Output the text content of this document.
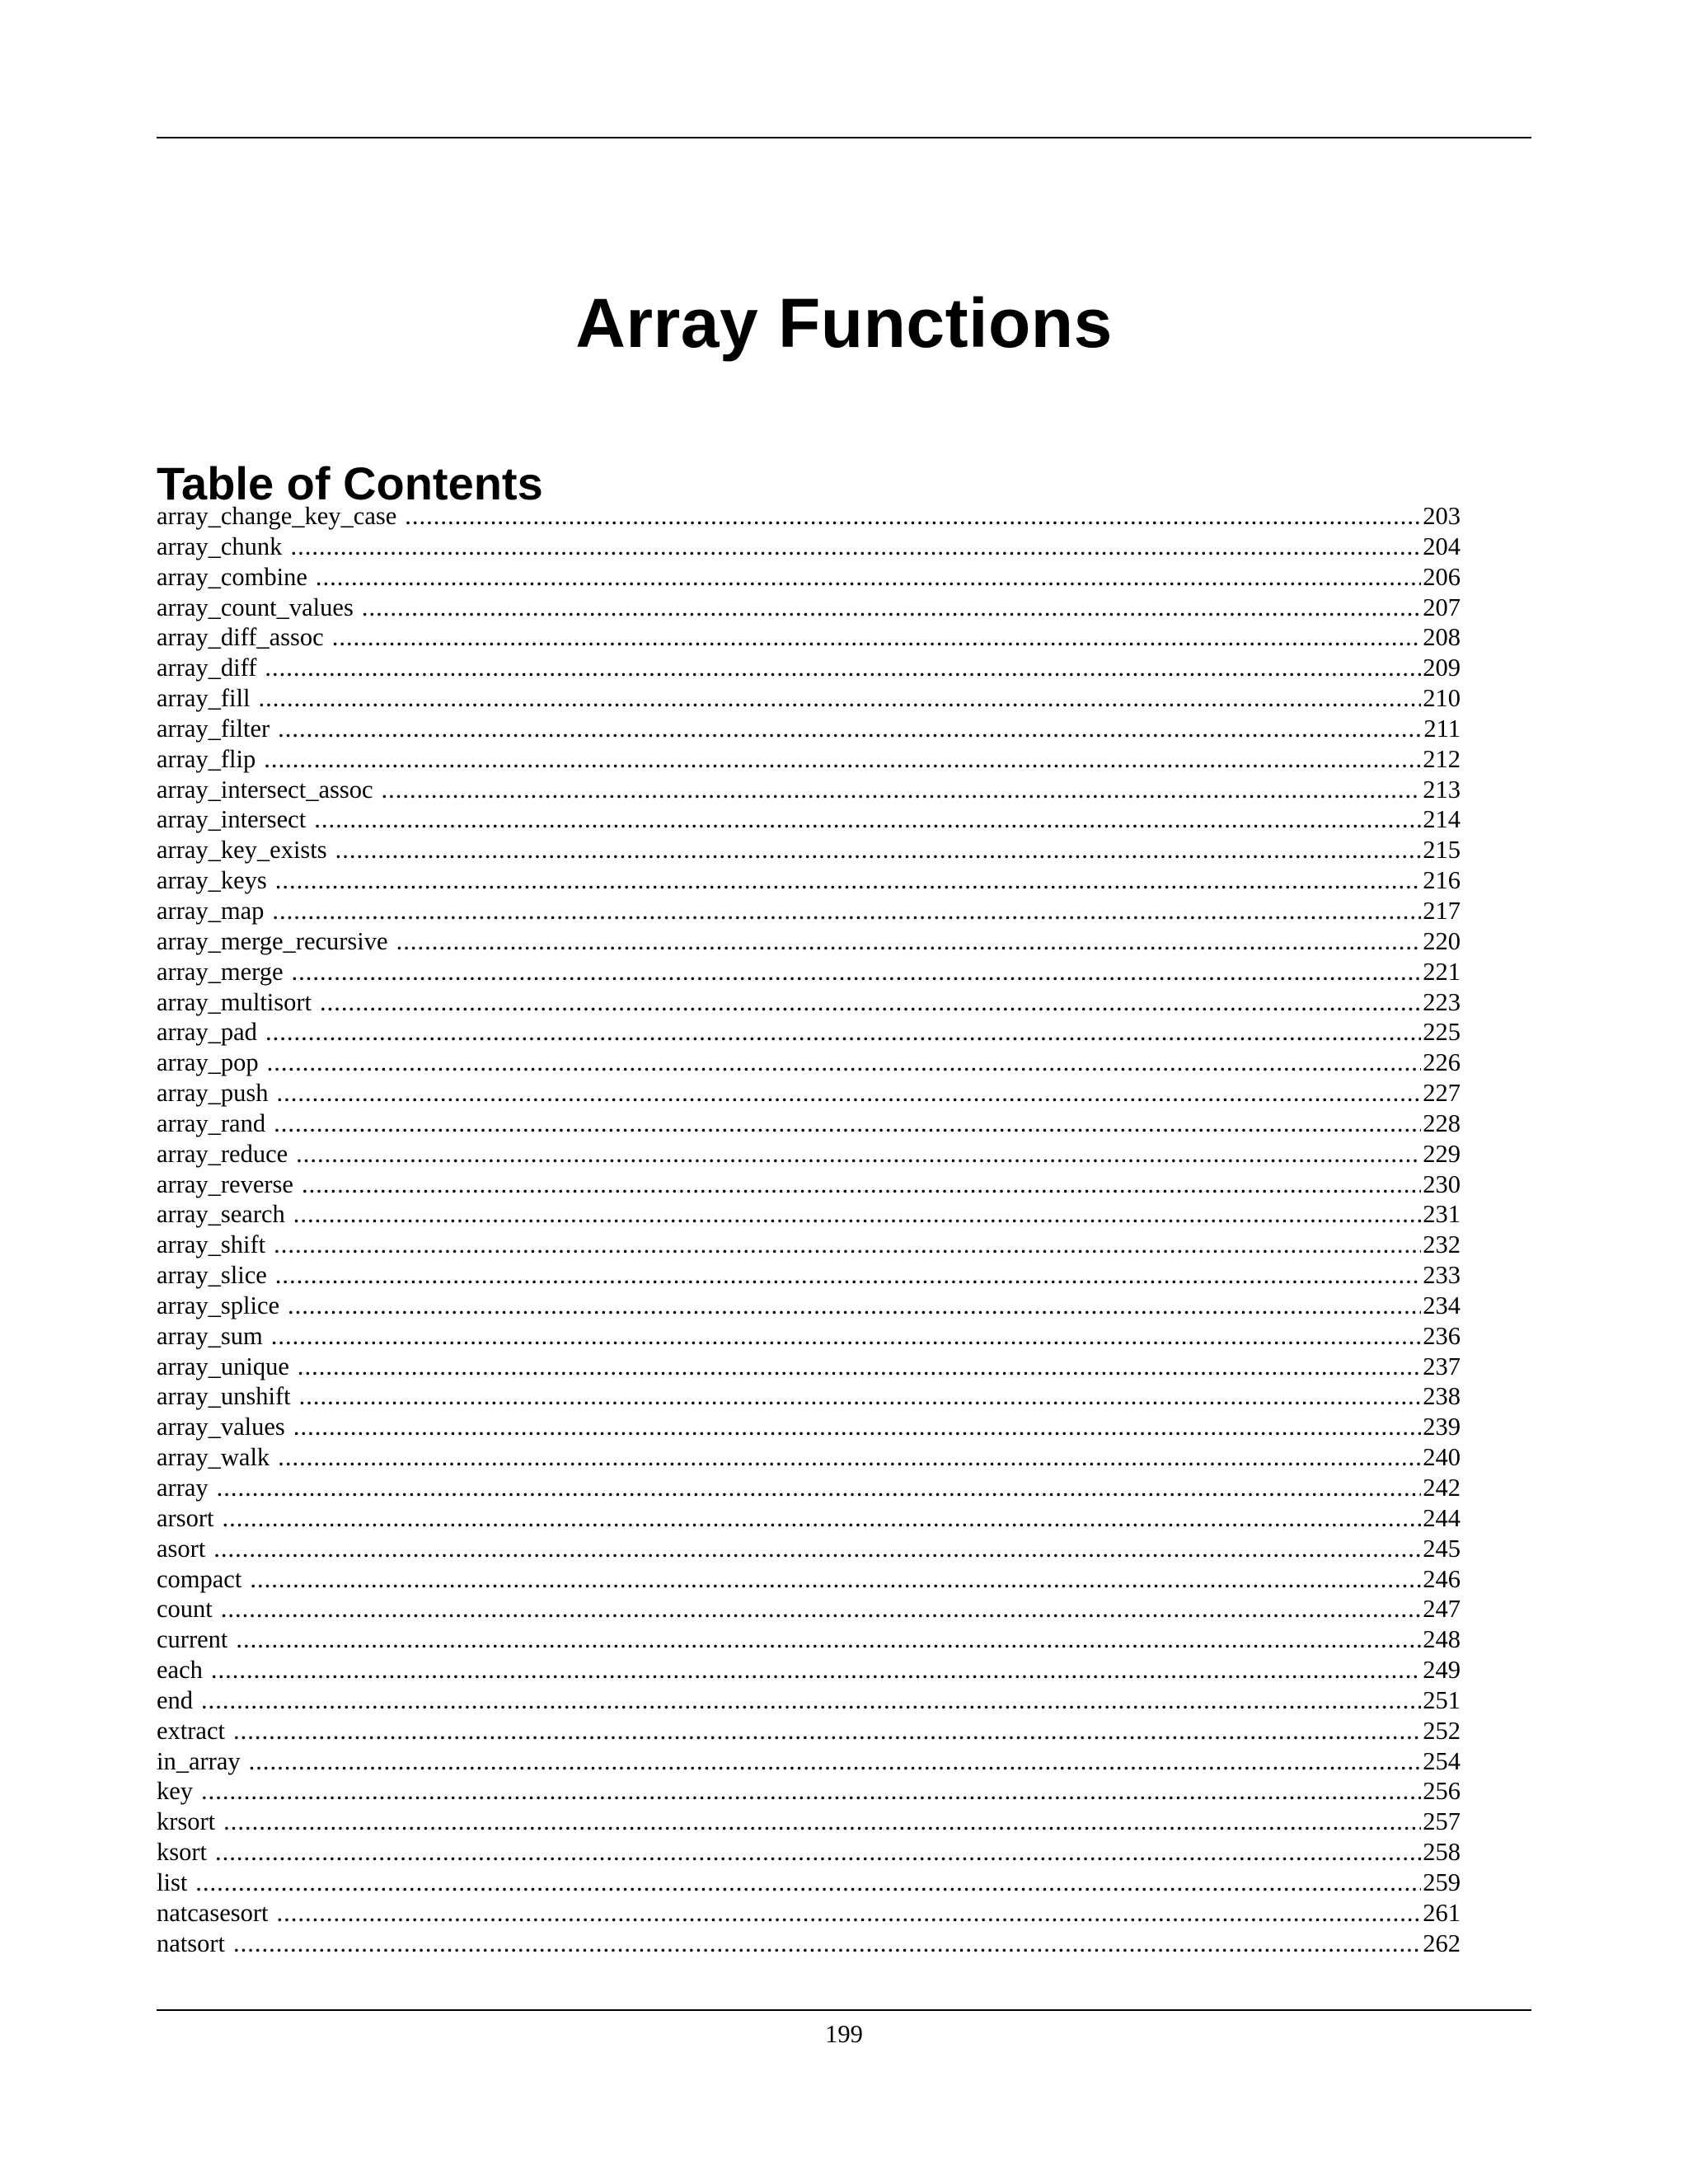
Array Functions
Table of Contents
array_change_key_case .....	203
array_chunk .....	204
array_combine .....	206
array_count_values .....	207
array_diff_assoc .....	208
array_diff .....	209
array_fill .....	210
array_filter .....	211
array_flip .....	212
array_intersect_assoc .....	213
array_intersect .....	214
array_key_exists .....	215
array_keys .....	216
array_map .....	217
array_merge_recursive .....	220
array_merge .....	221
array_multisort .....	223
array_pad .....	225
array_pop .....	226
array_push .....	227
array_rand .....	228
array_reduce .....	229
array_reverse .....	230
array_search .....	231
array_shift .....	232
array_slice .....	233
array_splice .....	234
array_sum .....	236
array_unique .....	237
array_unshift .....	238
array_values .....	239
array_walk .....	240
array .....	242
arsort .....	244
asort .....	245
compact .....	246
count .....	247
current .....	248
each .....	249
end .....	251
extract .....	252
in_array .....	254
key .....	256
krsort .....	257
ksort .....	258
list .....	259
natcasesort .....	261
natsort .....	262
199
